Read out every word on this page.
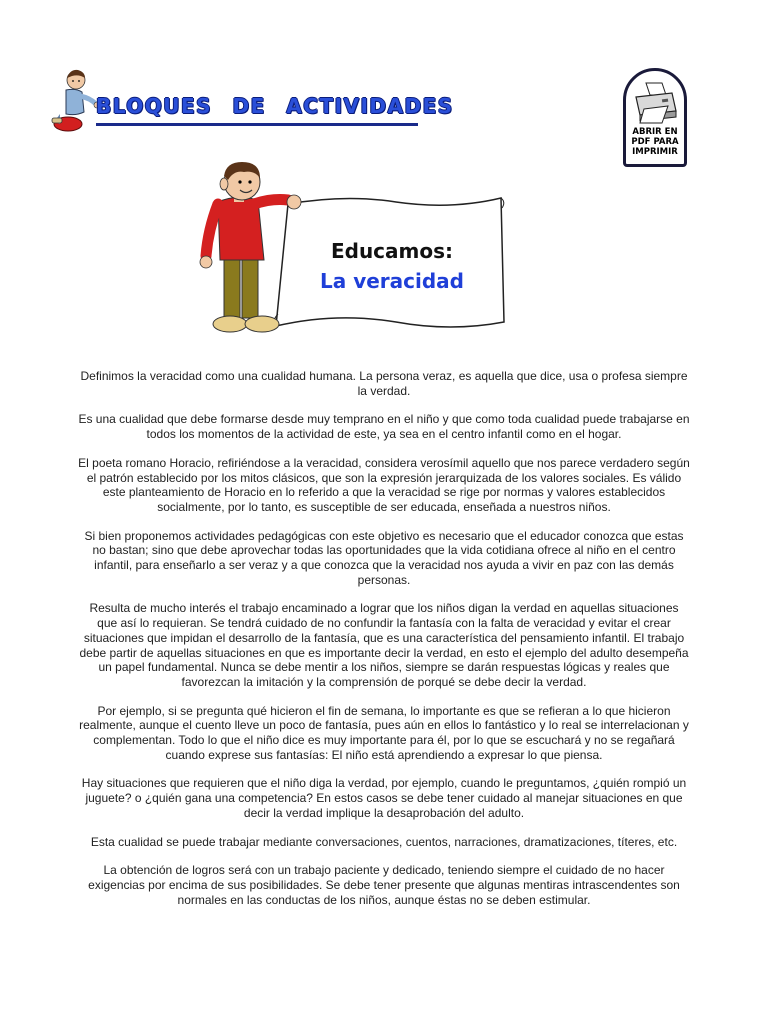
BLOQUES DE ACTIVIDADES
ABRIR EN
PDF PARA
IMPRIMIR
Educamos:
La veracidad

Definimos la veracidad como una cualidad humana. La persona veraz, es aquella que dice, usa o profesa siempre la verdad.

Es una cualidad que debe formarse desde muy temprano en el niño y que como toda cualidad puede trabajarse en todos los momentos de la actividad de este, ya sea en el centro infantil como en el hogar.

El poeta romano Horacio, refiriéndose a la veracidad, considera verosímil aquello que nos parece verdadero según el patrón establecido por los mitos clásicos, que son la expresión jerarquizada de los valores sociales. Es válido este planteamiento de Horacio en lo referido a que la veracidad se rige por normas y valores establecidos socialmente, por lo tanto, es susceptible de ser educada, enseñada a nuestros niños.

Si bien proponemos actividades pedagógicas con este objetivo es necesario que el educador conozca que estas no bastan; sino que debe aprovechar todas las oportunidades que la vida cotidiana ofrece al niño en el centro infantil, para enseñarlo a ser veraz y a que conozca que la veracidad nos ayuda a vivir en paz con las demás personas.

Resulta de mucho interés el trabajo encaminado a lograr que los niños digan la verdad en aquellas situaciones que así lo requieran. Se tendrá cuidado de no confundir la fantasía con la falta de veracidad y evitar el crear situaciones que impidan el desarrollo de la fantasía, que es una característica del pensamiento infantil. El trabajo debe partir de aquellas situaciones en que es importante decir la verdad, en esto el ejemplo del adulto desempeña un papel fundamental. Nunca se debe mentir a los niños, siempre se darán respuestas lógicas y reales que favorezcan la imitación y la comprensión de porqué se debe decir la verdad.

Por ejemplo, si se pregunta qué hicieron el fin de semana, lo importante es que se refieran a lo que hicieron realmente, aunque el cuento lleve un poco de fantasía, pues aún en ellos lo fantástico y lo real se interrelacionan y complementan. Todo lo que el niño dice es muy importante para él, por lo que se escuchará y no se regañará cuando exprese sus fantasías: El niño está aprendiendo a expresar lo que piensa.

Hay situaciones que requieren que el niño diga la verdad, por ejemplo, cuando le preguntamos, ¿quién rompió un juguete? o ¿quién gana una competencia? En estos casos se debe tener cuidado al manejar situaciones en que decir la verdad implique la desaprobación del adulto.

Esta cualidad se puede trabajar mediante conversaciones, cuentos, narraciones, dramatizaciones, títeres, etc.

La obtención de logros será con un trabajo paciente y dedicado, teniendo siempre el cuidado de no hacer exigencias por encima de sus posibilidades. Se debe tener presente que algunas mentiras intrascendentes son normales en las conductas de los niños, aunque éstas no se deben estimular.
